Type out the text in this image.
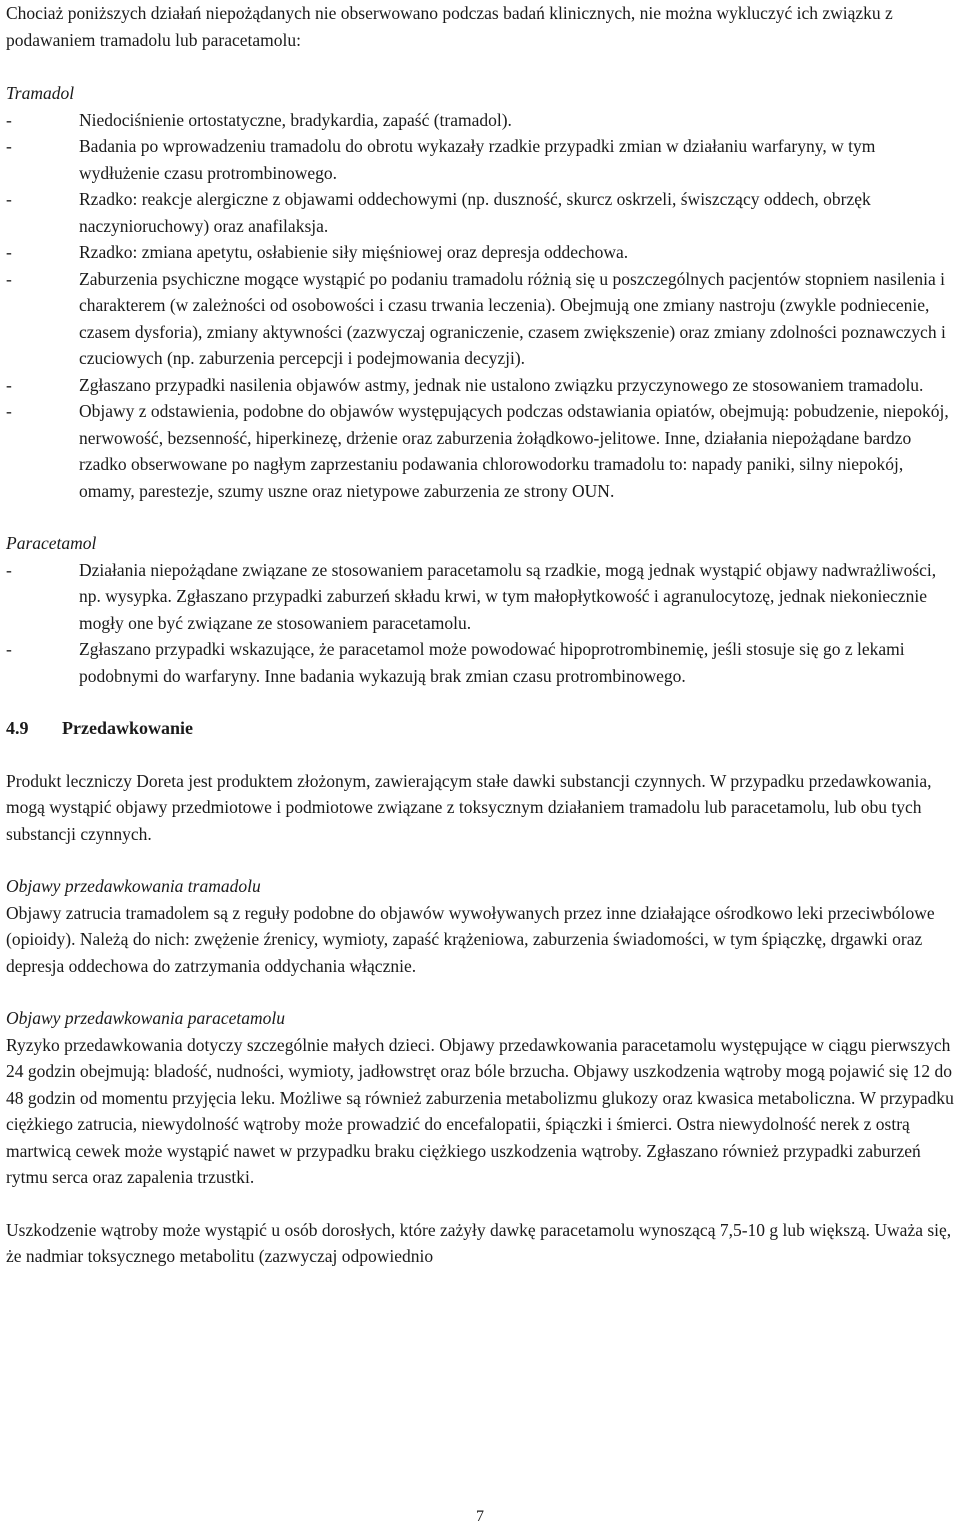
Chociaż poniższych działań niepożądanych nie obserwowano podczas badań klinicznych, nie można wykluczyć ich związku z podawaniem tramadolu lub paracetamolu:

Tramadol

-	Niedociśnienie ortostatyczne, bradykardia, zapaść (tramadol).
-	Badania po wprowadzeniu tramadolu do obrotu wykazały rzadkie przypadki zmian w działaniu warfaryny, w tym wydłużenie czasu protrombinowego.
-	Rzadko: reakcje alergiczne z objawami oddechowymi (np. duszność, skurcz oskrzeli, świszczący oddech, obrzęk naczynioruchowy) oraz anafilaksja.
-	Rzadko: zmiana apetytu, osłabienie siły mięśniowej oraz depresja oddechowa.
-	Zaburzenia psychiczne mogące wystąpić po podaniu tramadolu różnią się u poszczególnych pacjentów stopniem nasilenia i charakterem (w zależności od osobowości i czasu trwania leczenia). Obejmują one zmiany nastroju (zwykle podniecenie, czasem dysforia), zmiany aktywności (zazwyczaj ograniczenie, czasem zwiększenie) oraz zmiany zdolności poznawczych i czuciowych (np. zaburzenia percepcji i podejmowania decyzji).
-	Zgłaszano przypadki nasilenia objawów astmy, jednak nie ustalono związku przyczynowego ze stosowaniem tramadolu.
-	Objawy z odstawienia, podobne do objawów występujących podczas odstawiania opiatów, obejmują: pobudzenie, niepokój, nerwowość, bezsenność, hiperkinezę, drżenie oraz zaburzenia żołądkowo-jelitowe. Inne, działania niepożądane bardzo rzadko obserwowane po nagłym zaprzestaniu podawania chlorowodorku tramadolu to: napady paniki, silny niepokój, omamy, parestezje, szumy uszne oraz nietypowe zaburzenia ze strony OUN.

Paracetamol

-	Działania niepożądane związane ze stosowaniem paracetamolu są rzadkie, mogą jednak wystąpić objawy nadwrażliwości, np. wysypka. Zgłaszano przypadki zaburzeń składu krwi, w tym małopłytkowość i agranulocytozę, jednak niekoniecznie mogły one być związane ze stosowaniem paracetamolu.
-	Zgłaszano przypadki wskazujące, że paracetamol może powodować hipoprotrombinemię, jeśli stosuje się go z lekami podobnymi do warfaryny. Inne badania wykazują brak zmian czasu protrombinowego.

4.9 Przedawkowanie

Produkt leczniczy Doreta jest produktem złożonym, zawierającym stałe dawki substancji czynnych. W przypadku przedawkowania, mogą wystąpić objawy przedmiotowe i podmiotowe związane z toksycznym działaniem tramadolu lub paracetamolu, lub obu tych substancji czynnych.

Objawy przedawkowania tramadolu

Objawy zatrucia tramadolem są z reguły podobne do objawów wywoływanych przez inne działające ośrodkowo leki przeciwbólowe (opioidy). Należą do nich: zwężenie źrenicy, wymioty, zapaść krążeniowa, zaburzenia świadomości, w tym śpiączkę, drgawki oraz depresja oddechowa do zatrzymania oddychania włącznie.

Objawy przedawkowania paracetamolu

Ryzyko przedawkowania dotyczy szczególnie małych dzieci. Objawy przedawkowania paracetamolu występujące w ciągu pierwszych 24 godzin obejmują: bladość, nudności, wymioty, jadłowstręt oraz bóle brzucha. Objawy uszkodzenia wątroby mogą pojawić się 12 do 48 godzin od momentu przyjęcia leku. Możliwe są również zaburzenia metabolizmu glukozy oraz kwasica metaboliczna. W przypadku ciężkiego zatrucia, niewydolność wątroby może prowadzić do encefalopatii, śpiączki i śmierci. Ostra niewydolność nerek z ostrą martwicą cewek może wystąpić nawet w przypadku braku ciężkiego uszkodzenia wątroby. Zgłaszano również przypadki zaburzeń rytmu serca oraz zapalenia trzustki.

Uszkodzenie wątroby może wystąpić u osób dorosłych, które zażyły dawkę paracetamolu wynoszącą 7,5-10 g lub większą. Uważa się, że nadmiar toksycznego metabolitu (zazwyczaj odpowiednio

7
